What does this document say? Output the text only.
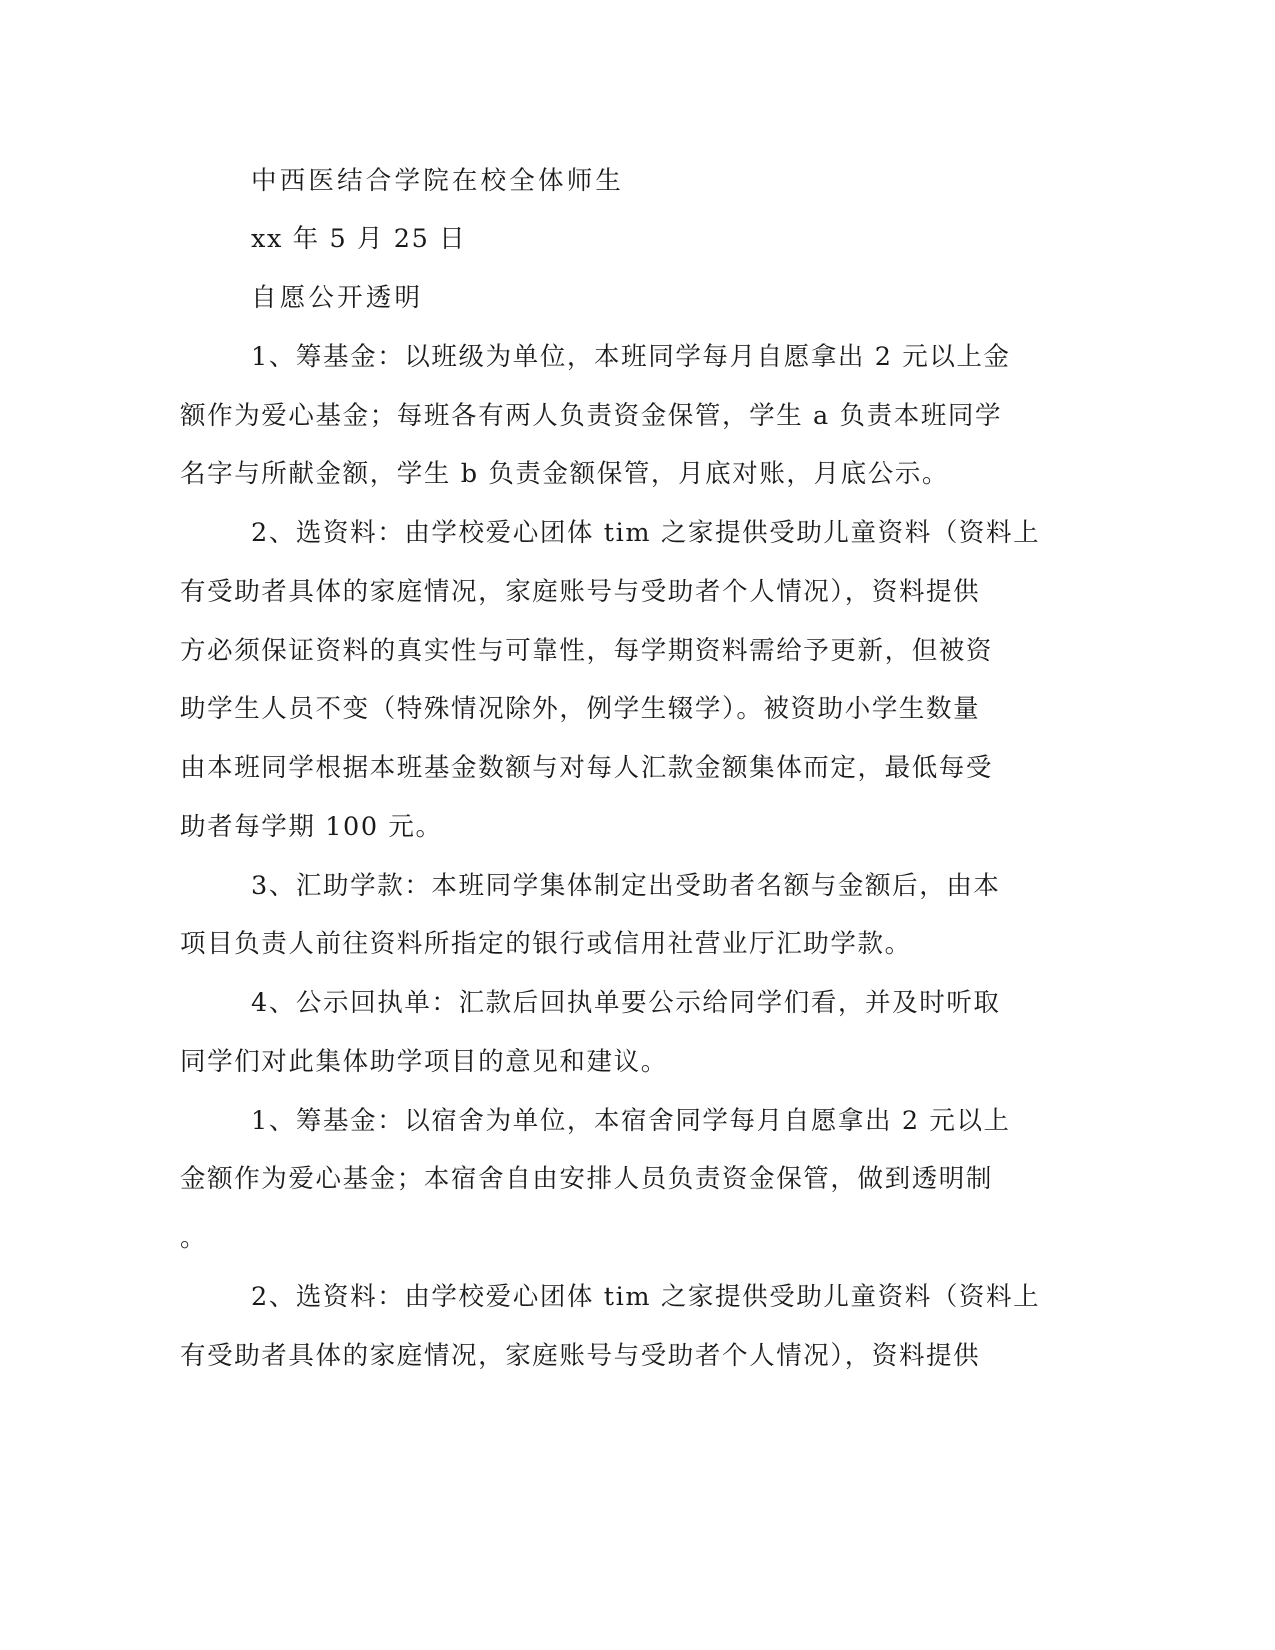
中西医结合学院在校全体师生
xx 年 5 月 25 日
自愿公开透明
1、筹基金：以班级为单位，本班同学每月自愿拿出 2 元以上金
额作为爱心基金；每班各有两人负责资金保管，学生 a 负责本班同学
名字与所献金额，学生 b 负责金额保管，月底对账，月底公示。
2、选资料：由学校爱心团体 tim 之家提供受助儿童资料（资料上
有受助者具体的家庭情况，家庭账号与受助者个人情况），资料提供
方必须保证资料的真实性与可靠性，每学期资料需给予更新，但被资
助学生人员不变（特殊情况除外，例学生辍学）。被资助小学生数量
由本班同学根据本班基金数额与对每人汇款金额集体而定，最低每受
助者每学期 100 元。
3、汇助学款：本班同学集体制定出受助者名额与金额后，由本
项目负责人前往资料所指定的银行或信用社营业厅汇助学款。
4、公示回执单：汇款后回执单要公示给同学们看，并及时听取
同学们对此集体助学项目的意见和建议。
1、筹基金：以宿舍为单位，本宿舍同学每月自愿拿出 2 元以上
金额作为爱心基金；本宿舍自由安排人员负责资金保管，做到透明制
。
2、选资料：由学校爱心团体 tim 之家提供受助儿童资料（资料上
有受助者具体的家庭情况，家庭账号与受助者个人情况），资料提供
